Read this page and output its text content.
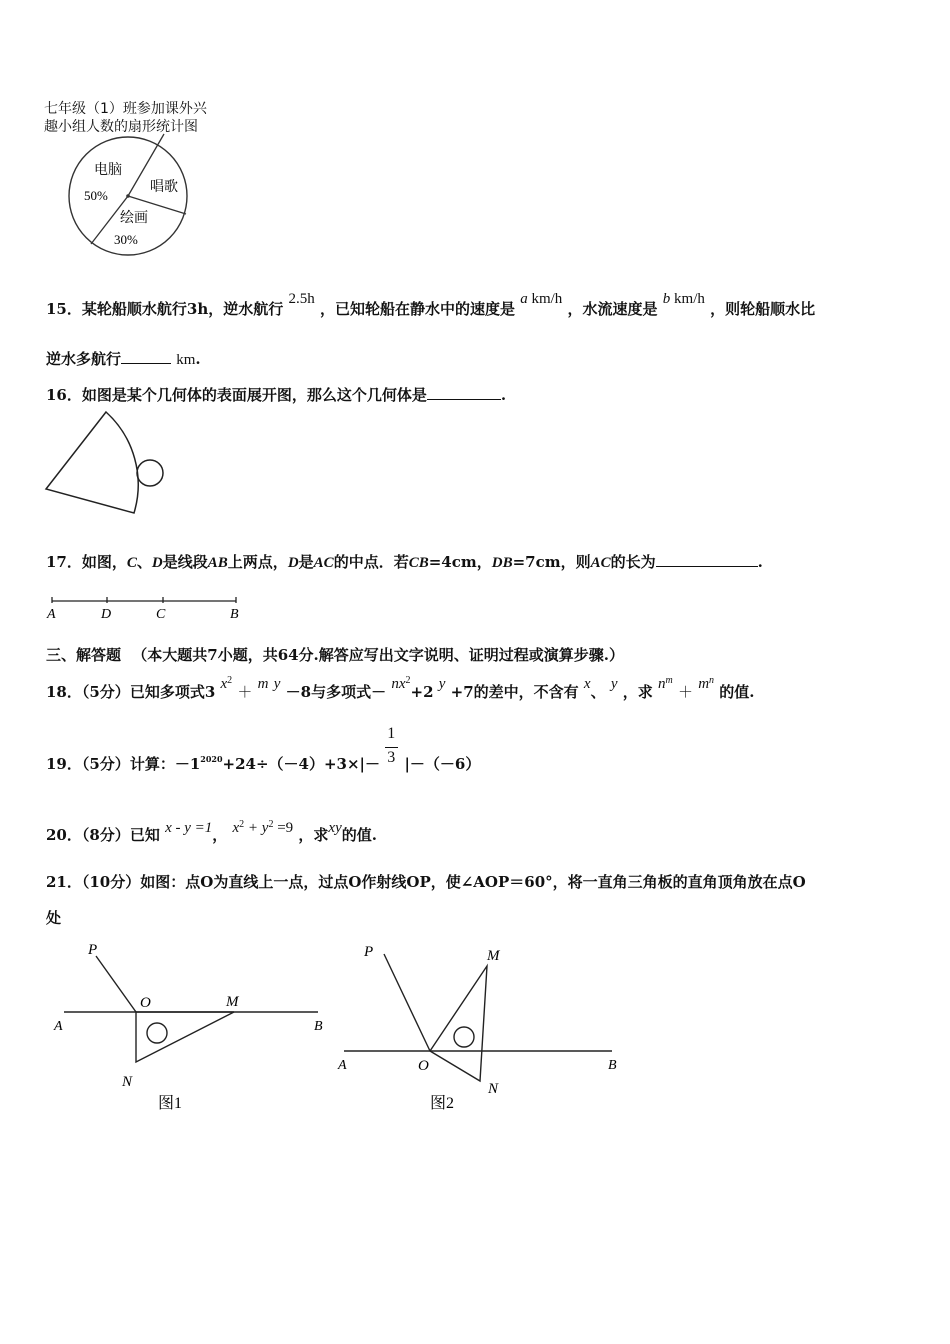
七年级（1）班参加课外兴
趣小组人数的扇形统计图
电脑
50%
唱歌
绘画
30%
15．某轮船顺水航行3h，逆水航行 2.5h ，已知轮船在静水中的速度是 a km/h ，水流速度是 b km/h ，则轮船顺水比
逆水多航行	km.
16．如图是某个几何体的表面展开图，那么这个几何体是	.
17．如图，C、D是线段AB上两点，D是AC的中点．若CB=4cm，DB=7cm，则AC的长为	.
A	D	C	B
三、解答题 （本大题共7小题，共64分.解答应写出文字说明、证明过程或演算步骤.）
18．（5分）已知多项式3 $x^2 + m$ y －8与多项式－ $nx^2+2$ y +7的差中，不含有 x、 y ，求 $n^m + m^n$ 的值.
19．（5分）计算：$-1^{2020}+24\div(-4)+3\times|- \frac{1}{3} |-(-6)$
20．（8分）已知 x - y =1， $x^2 + y^2 =9$ ，求xy的值.
21．（10分）如图：点O为直线上一点，过点O作射线OP，使∠AOP＝60°，将一直角三角板的直角顶角放在点O
处
P
O	M
A	B
N
图1
P	M
A	O	B
N
图2
